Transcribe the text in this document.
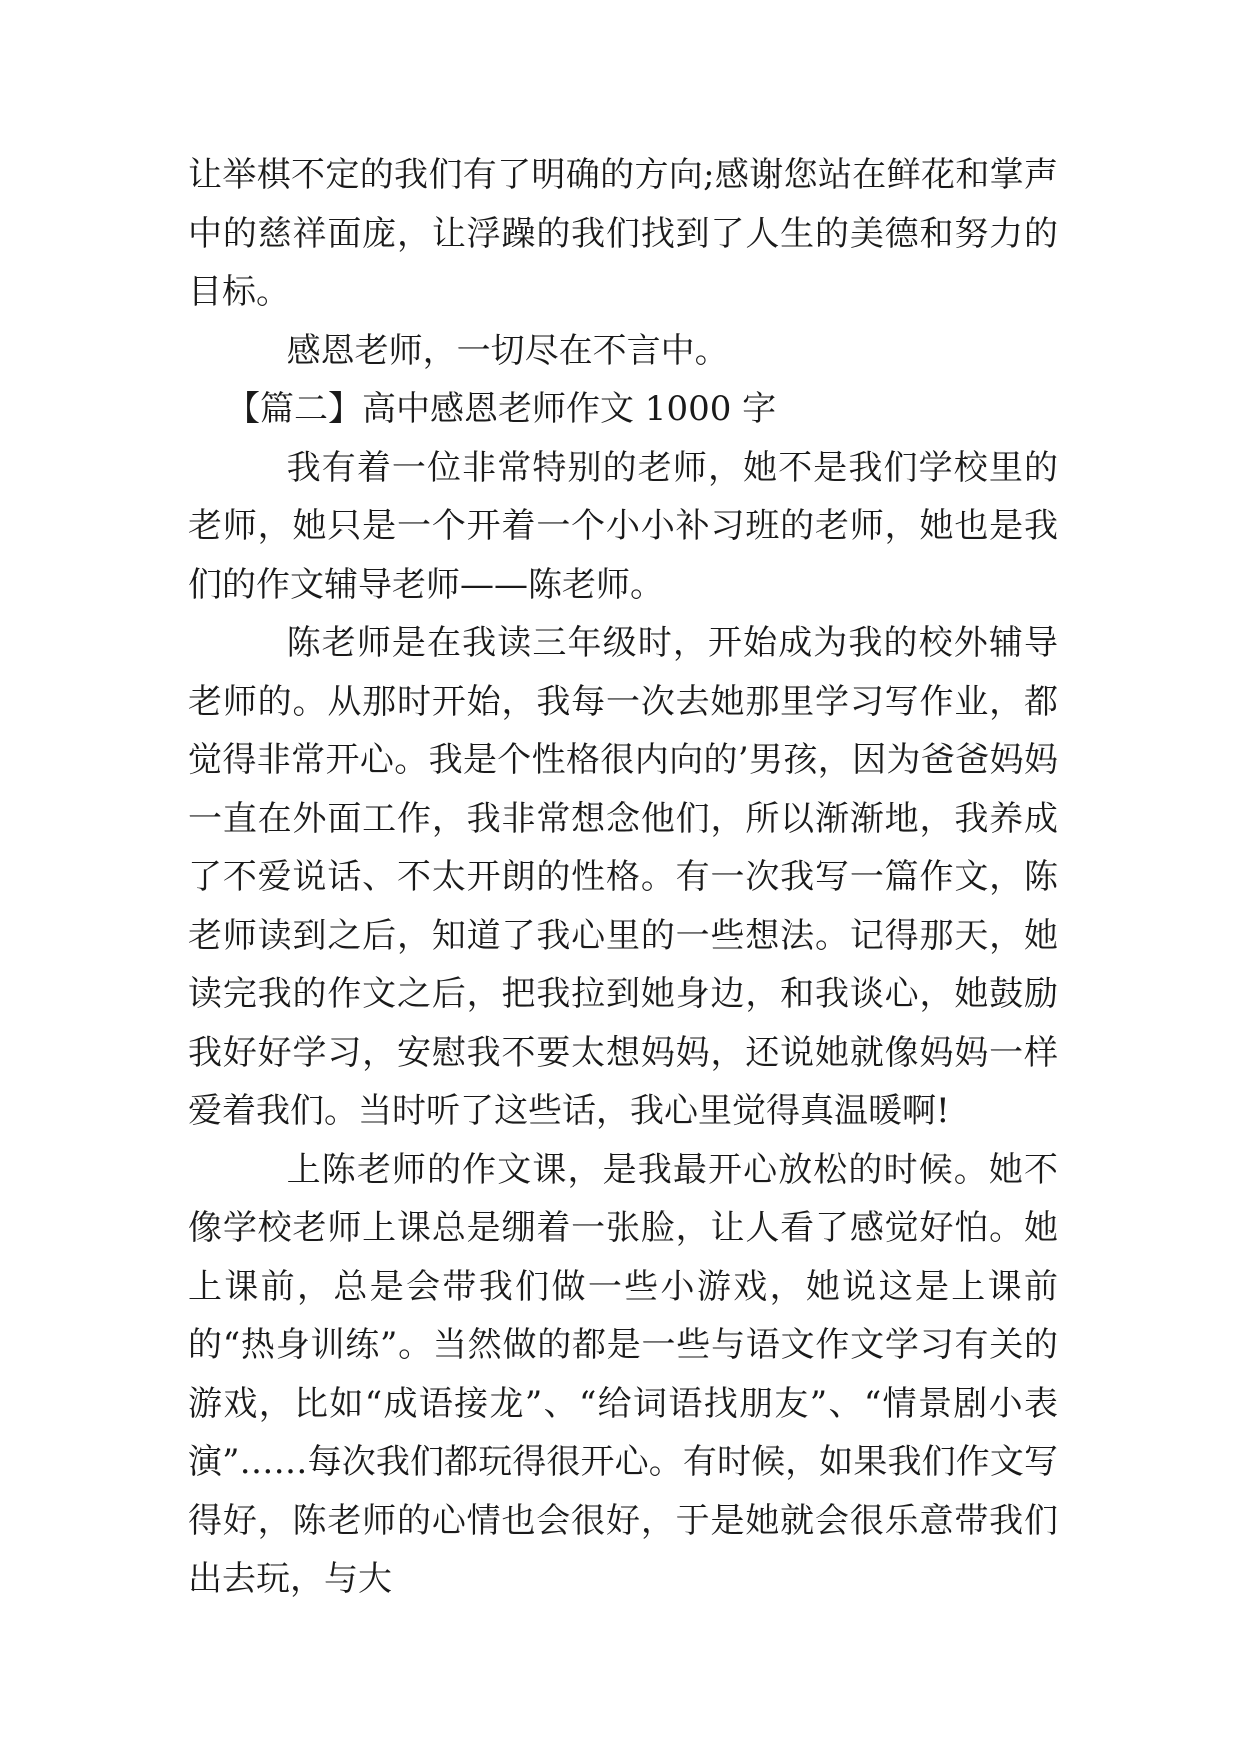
让举棋不定的我们有了明确的方向;感谢您站在鲜花和掌声中的慈祥面庞，让浮躁的我们找到了人生的美德和努力的目标。

感恩老师，一切尽在不言中。

【篇二】高中感恩老师作文 1000 字

我有着一位非常特别的老师，她不是我们学校里的老师，她只是一个开着一个小小补习班的老师，她也是我们的作文辅导老师——陈老师。

陈老师是在我读三年级时，开始成为我的校外辅导老师的。从那时开始，我每一次去她那里学习写作业，都觉得非常开心。我是个性格很内向的’男孩，因为爸爸妈妈一直在外面工作，我非常想念他们，所以渐渐地，我养成了不爱说话、不太开朗的性格。有一次我写一篇作文，陈老师读到之后，知道了我心里的一些想法。记得那天，她读完我的作文之后，把我拉到她身边，和我谈心，她鼓励我好好学习，安慰我不要太想妈妈，还说她就像妈妈一样爱着我们。当时听了这些话，我心里觉得真温暖啊!

上陈老师的作文课，是我最开心放松的时候。她不像学校老师上课总是绷着一张脸，让人看了感觉好怕。她上课前，总是会带我们做一些小游戏，她说这是上课前的“热身训练”。当然做的都是一些与语文作文学习有关的游戏，比如“成语接龙”、“给词语找朋友”、“情景剧小表演”……每次我们都玩得很开心。有时候，如果我们作文写得好，陈老师的心情也会很好，于是她就会很乐意带我们出去玩，与大
